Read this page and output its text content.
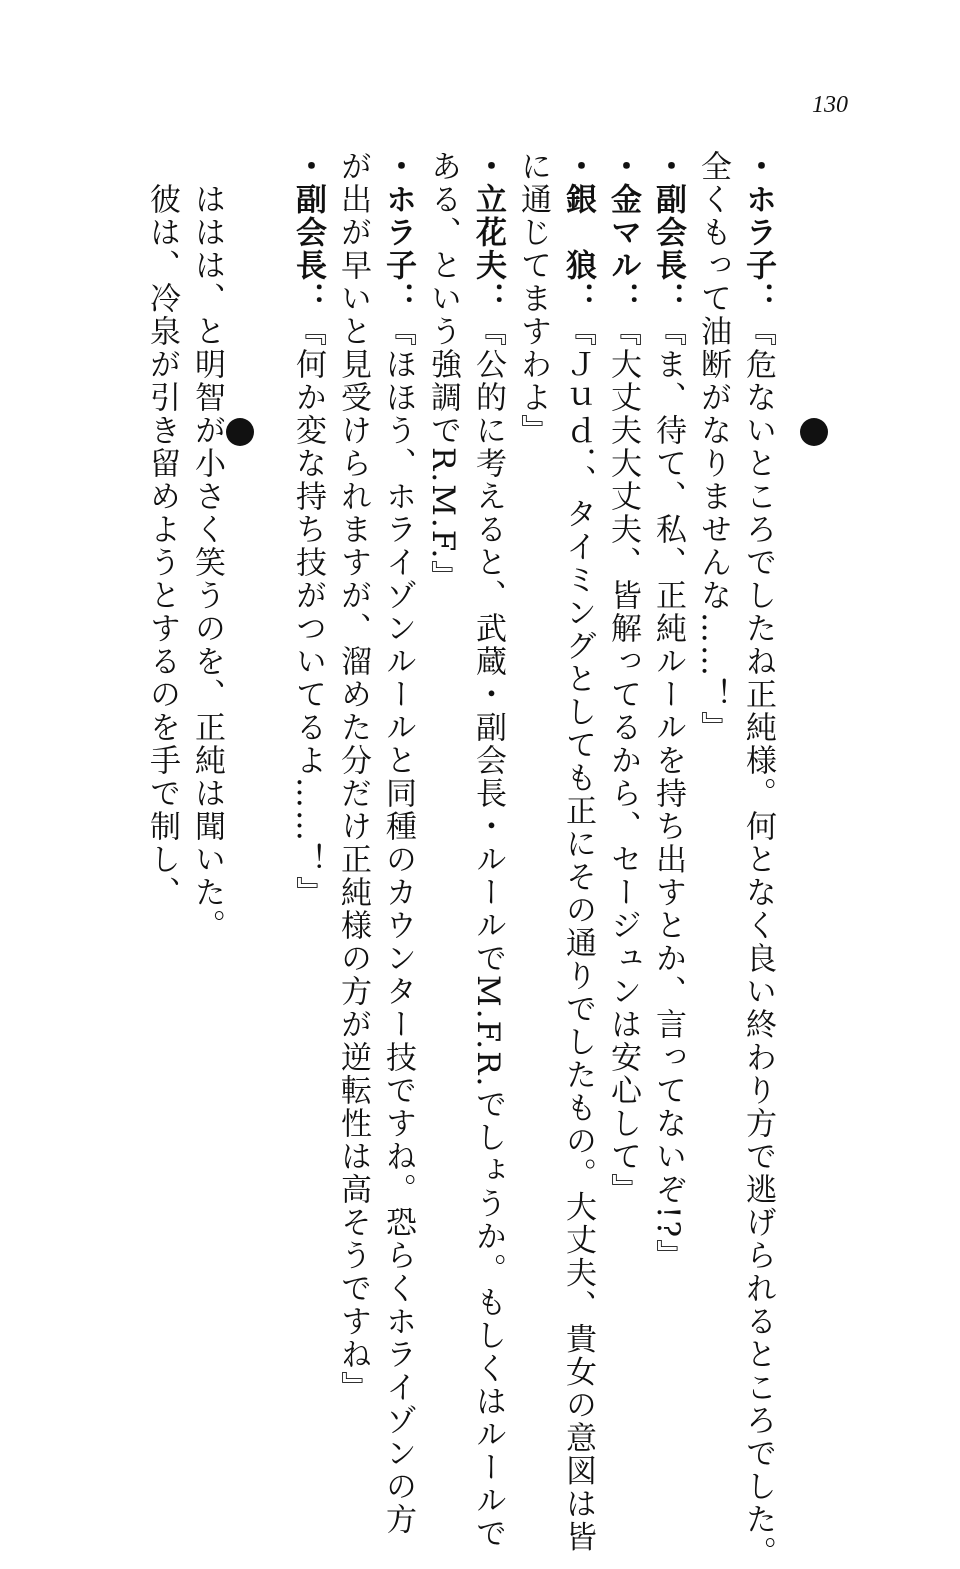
130
・ホラ子：『危ないところでしたね正純様。何となく良い終わり方で逃げられるところでした。
全くもって油断がなりませんな……！』
・副会長：『ま、待て、私、正純ルールを持ち出すとか、言ってないぞ!?』
・金マル：『大丈夫大丈夫、皆解ってるから、セージュンは安心して』
・銀　狼：『Ｊｕｄ．、タイミングとしても正にその通りでしたもの。大丈夫、貴女の意図は皆
に通じてますわよ』
・立花夫：『公的に考えると、武蔵・副会長・ルールでM.F.R.でしょうか。もしくはルールで
ある、という強調でR.M.F.』
・ホラ子：『ほほう、ホライゾンルールと同種のカウンター技ですね。恐らくホライゾンの方
が出が早いと見受けられますが、溜めた分だけ正純様の方が逆転性は高そうですね』
・副会長：『何か変な持ち技がついてるよ……！』
　ははは、と明智が小さく笑うのを、正純は聞いた。
　彼は、冷泉が引き留めようとするのを手で制し、
